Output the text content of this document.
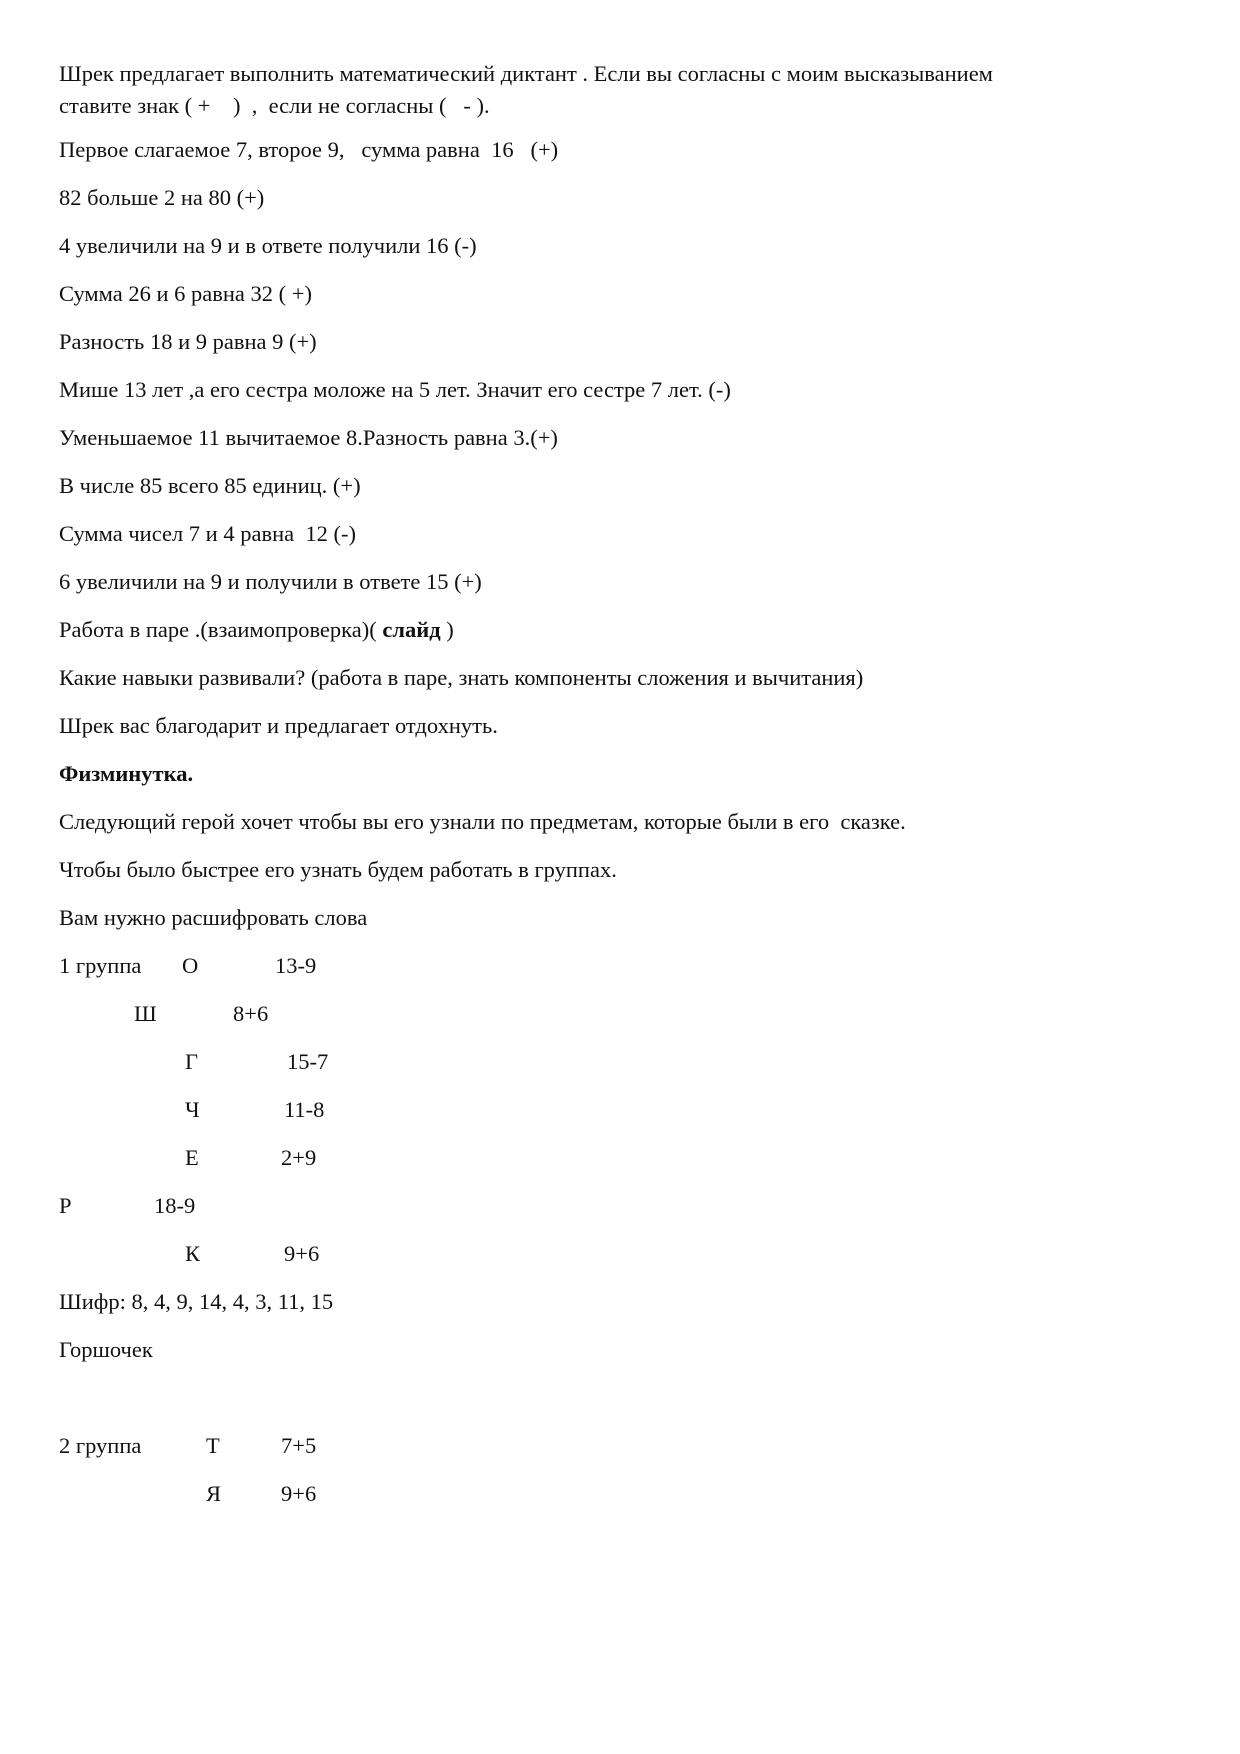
Шрек предлагает выполнить математический диктант . Если вы согласны с моим высказыванием
ставите знак ( +    )  ,  если не согласны (   - ).
Первое слагаемое 7, второе 9,   сумма равна  16   (+)
82 больше 2 на 80 (+)
4 увеличили на 9 и в ответе получили 16 (-)
Сумма 26 и 6 равна 32 ( +)
Разность 18 и 9 равна 9 (+)
Мише 13 лет ,а его сестра моложе на 5 лет. Значит его сестре 7 лет. (-)
Уменьшаемое 11 вычитаемое 8.Разность равна 3.(+)
В числе 85 всего 85 единиц. (+)
Сумма чисел 7 и 4 равна  12 (-)
6 увеличили на 9 и получили в ответе 15 (+)
Работа в паре .(взаимопроверка)( слайд )
Какие навыки развивали? (работа в паре, знать компоненты сложения и вычитания)
Шрек вас благодарит и предлагает отдохнуть.
Физминутка.
Следующий герой хочет чтобы вы его узнали по предметам, которые были в его  сказке.
Чтобы было быстрее его узнать будем работать в группах.
Вам нужно расшифровать слова
1 группа О	13-9
Ш	8+6
Г	15-7
Ч	11-8
Е	2+9
Р	18-9
К	9+6
Шифр: 8, 4, 9, 14, 4, 3, 11, 15
Горшочек
2 группа	Т	7+5
Я	9+6
